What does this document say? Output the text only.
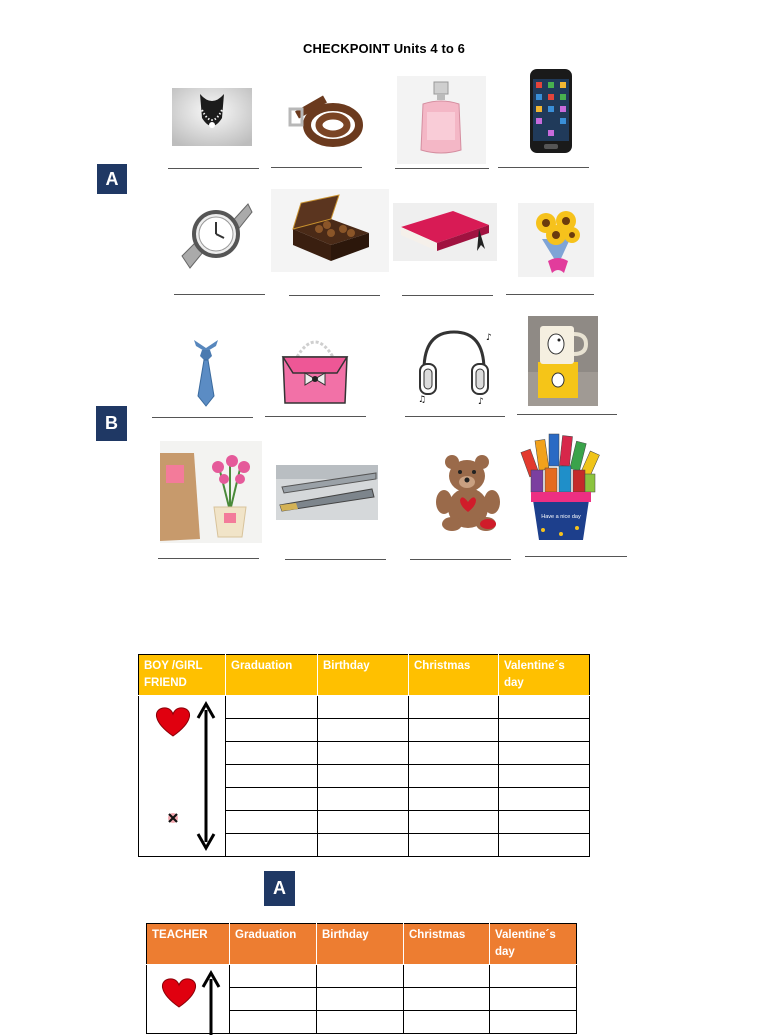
CHECKPOINT Units 4 to 6
A
B
A
♪
♫	♪
Have a nice day
BOY /GIRL
FRIEND	Graduation	Birthday	Christmas	Valentine´s day

TEACHER	Graduation	Birthday	Christmas	Valentine´s day
